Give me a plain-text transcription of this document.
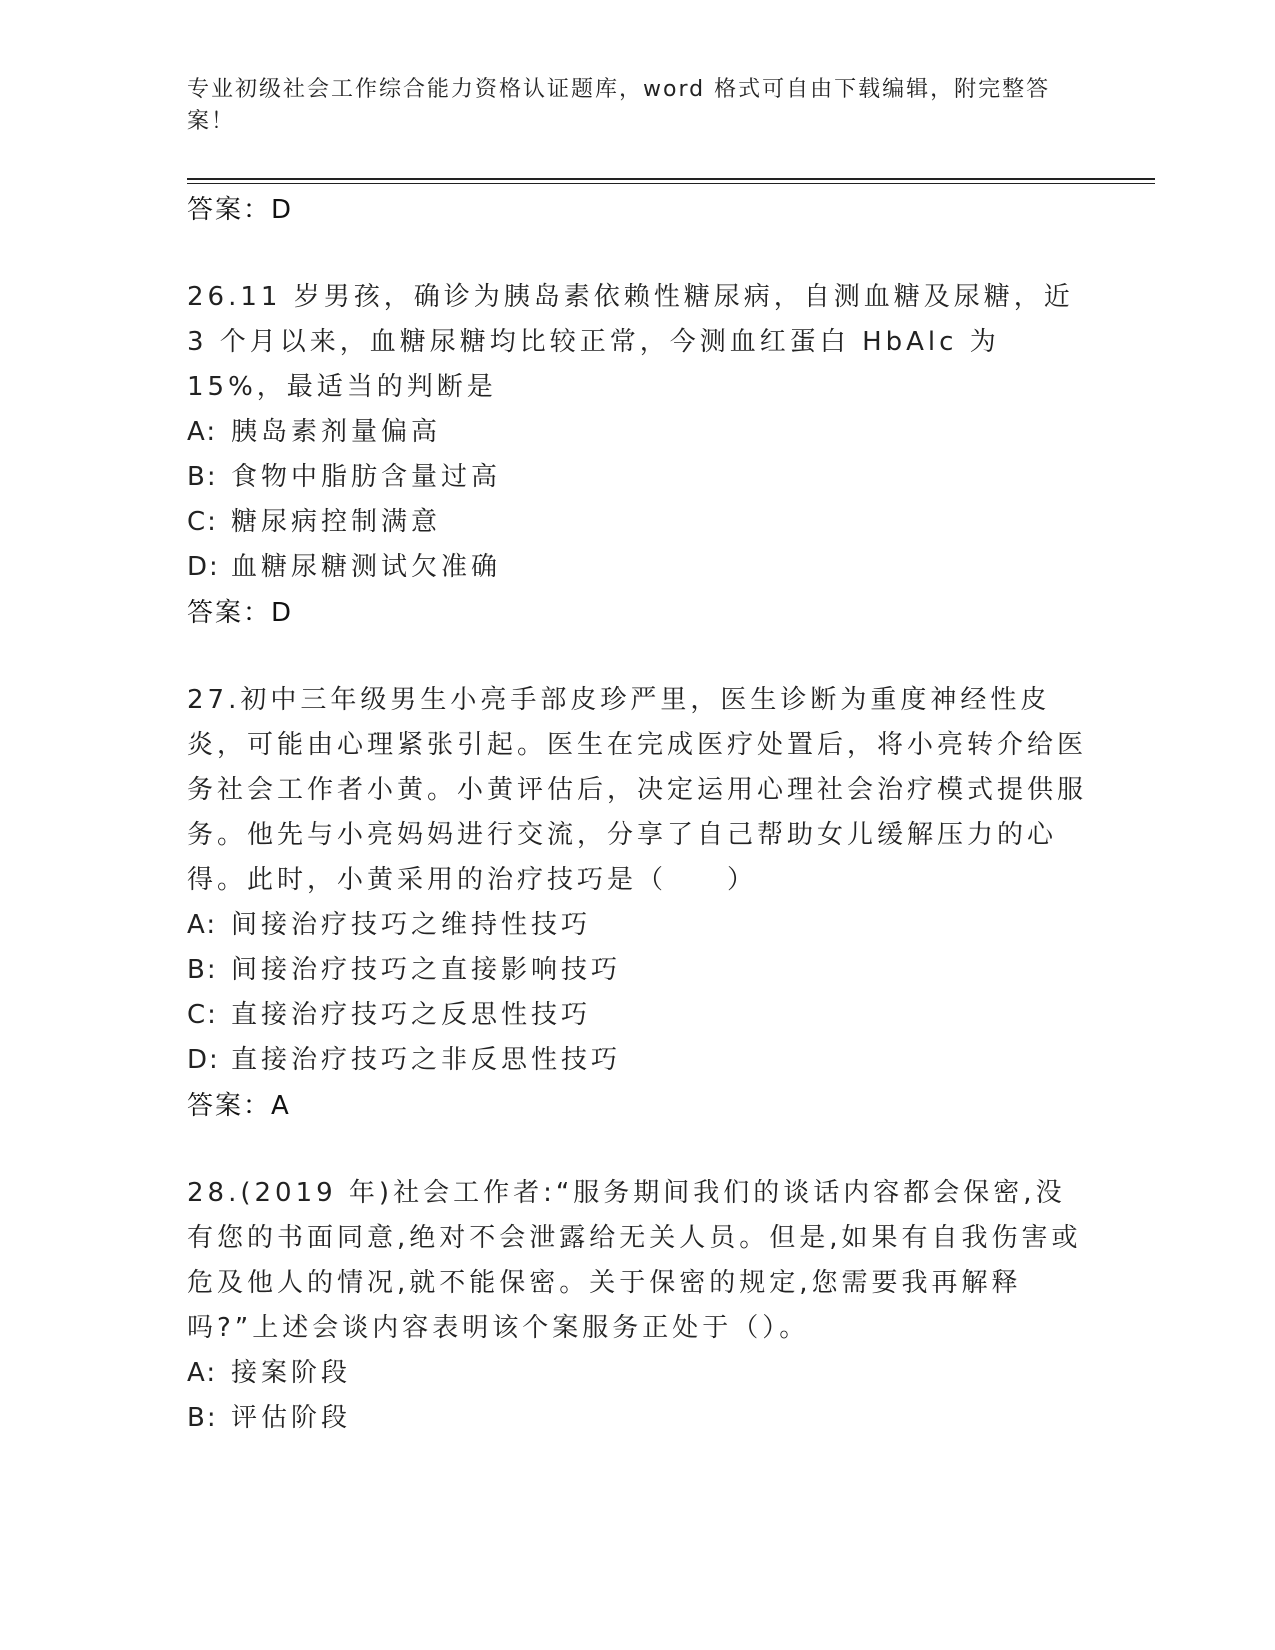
专业初级社会工作综合能力资格认证题库，word 格式可自由下载编辑，附完整答案！
答案：D
26.11 岁男孩，确诊为胰岛素依赖性糖尿病，自测血糖及尿糖，近 3 个月以来，血糖尿糖均比较正常，今测血红蛋白 HbAlc 为 15%，最适当的判断是
A: 胰岛素剂量偏高
B: 食物中脂肪含量过高
C: 糖尿病控制满意
D: 血糖尿糖测试欠准确
答案：D
27.初中三年级男生小亮手部皮珍严里，医生诊断为重度神经性皮炎，可能由心理紧张引起。医生在完成医疗处置后，将小亮转介给医务社会工作者小黄。小黄评估后，决定运用心理社会治疗模式提供服务。他先与小亮妈妈进行交流，分享了自己帮助女儿缓解压力的心得。此时，小黄采用的治疗技巧是（　　）
A: 间接治疗技巧之维持性技巧
B: 间接治疗技巧之直接影响技巧
C: 直接治疗技巧之反思性技巧
D: 直接治疗技巧之非反思性技巧
答案：A
28.(2019 年)社会工作者:“服务期间我们的谈话内容都会保密,没有您的书面同意,绝对不会泄露给无关人员。但是,如果有自我伤害或危及他人的情况,就不能保密。关于保密的规定,您需要我再解释吗?”上述会谈内容表明该个案服务正处于（）。
A: 接案阶段
B: 评估阶段
